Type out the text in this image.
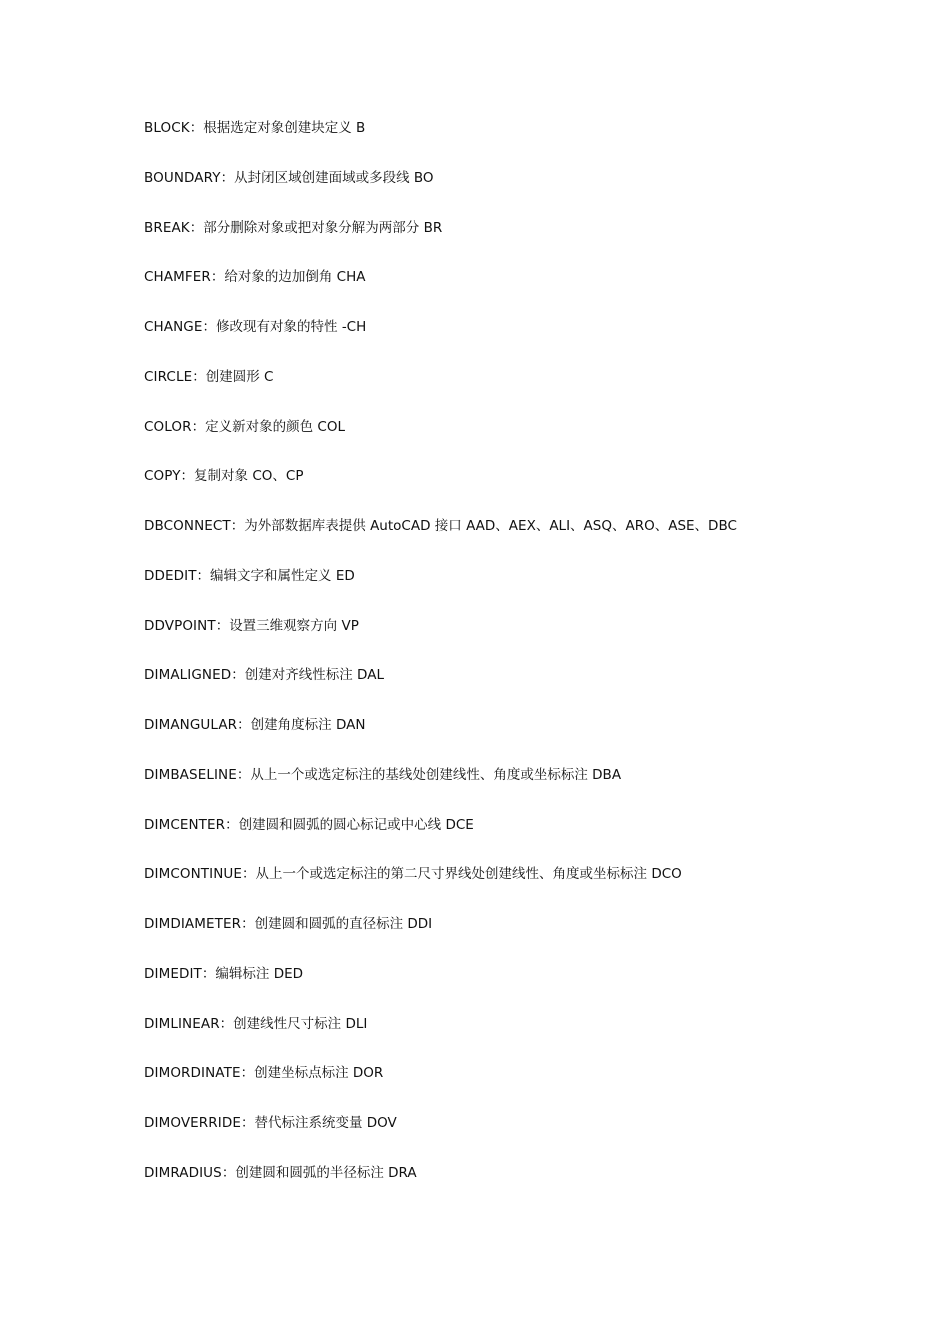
BLOCK：根据选定对象创建块定义 B
BOUNDARY：从封闭区域创建面域或多段线 BO
BREAK：部分删除对象或把对象分解为两部分 BR
CHAMFER：给对象的边加倒角 CHA
CHANGE：修改现有对象的特性 -CH
CIRCLE：创建圆形 C
COLOR：定义新对象的颜色 COL
COPY：复制对象 CO、CP
DBCONNECT：为外部数据库表提供 AutoCAD 接口 AAD、AEX、ALI、ASQ、ARO、ASE、DBC
DDEDIT：编辑文字和属性定义 ED
DDVPOINT：设置三维观察方向 VP
DIMALIGNED：创建对齐线性标注 DAL
DIMANGULAR：创建角度标注 DAN
DIMBASELINE：从上一个或选定标注的基线处创建线性、角度或坐标标注 DBA
DIMCENTER：创建圆和圆弧的圆心标记或中心线 DCE
DIMCONTINUE：从上一个或选定标注的第二尺寸界线处创建线性、角度或坐标标注 DCO
DIMDIAMETER：创建圆和圆弧的直径标注 DDI
DIMEDIT：编辑标注 DED
DIMLINEAR：创建线性尺寸标注 DLI
DIMORDINATE：创建坐标点标注 DOR
DIMOVERRIDE：替代标注系统变量 DOV
DIMRADIUS：创建圆和圆弧的半径标注 DRA
